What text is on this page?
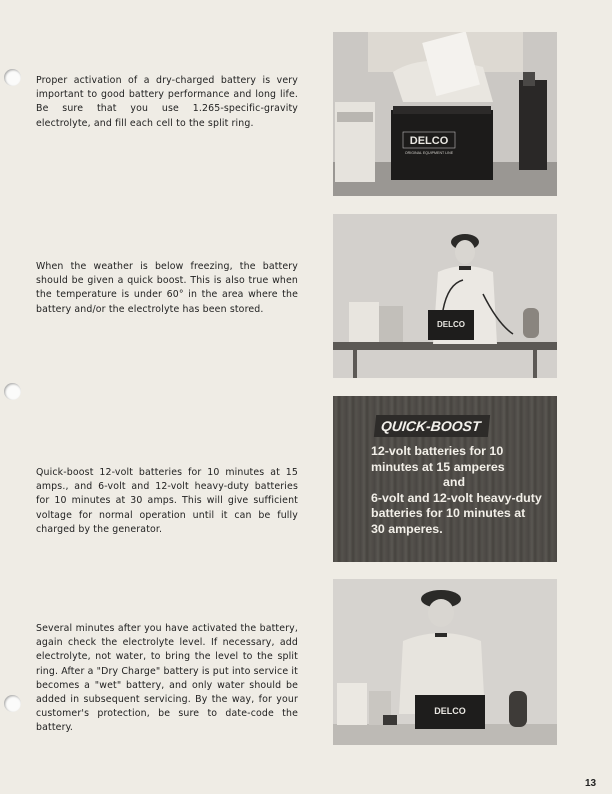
Proper activation of a dry-charged battery is very important to good battery performance and long life. Be sure that you use 1.265-specific-gravity electrolyte, and fill each cell to the split ring.

When the weather is below freezing, the battery should be given a quick boost. This is also true when the temperature is under 60° in the area where the battery and/or the electrolyte has been stored.

Quick-boost 12-volt batteries for 10 minutes at 15 amps., and 6-volt and 12-volt heavy-duty batteries for 10 minutes at 30 amps. This will give sufficient voltage for normal operation until it can be fully charged by the generator.

Several minutes after you have activated the battery, again check the electrolyte level. If necessary, add electrolyte, not water, to bring the level to the split ring. After a "Dry Charge" battery is put into service it becomes a "wet" battery, and only water should be added in subsequent servicing. By the way, for your customer's protection, be sure to date-code the battery.

DELCO
ORIGINAL EQUIPMENT LINE
DELCO
QUICK-BOOST
12-volt batteries for 10
minutes at 15 amperes
and
6-volt and 12-volt heavy-duty
batteries for 10 minutes at
30 amperes.
DELCO
13
